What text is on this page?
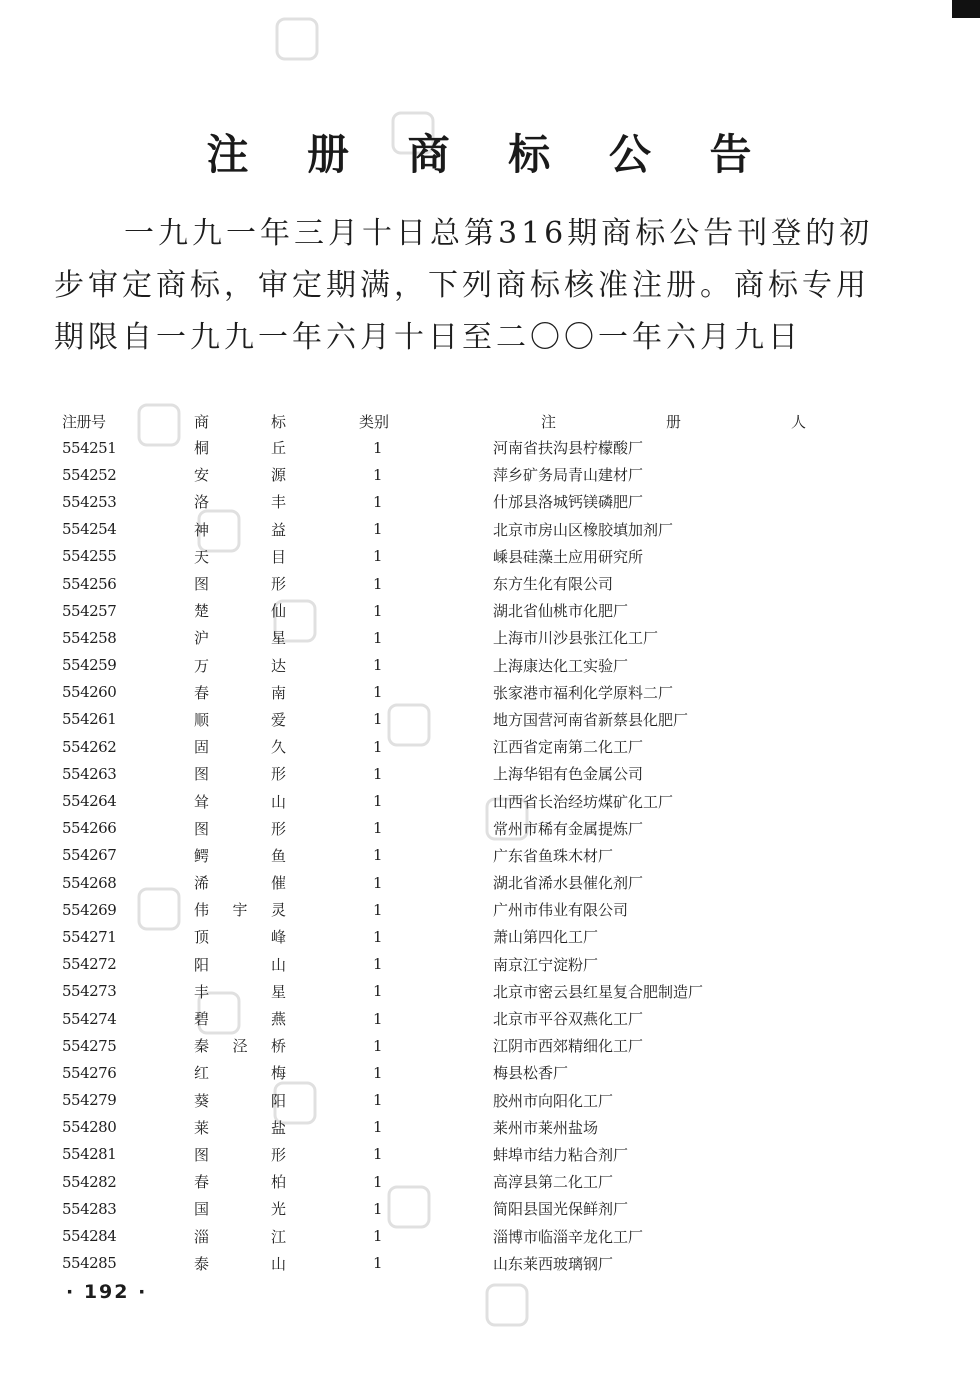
注 册 商 标 公 告
一九九一年三月十日总第316期商标公告刊登的初
步审定商标，审定期满，下列商标核准注册。商标专用
期限自一九九一年六月十日至二〇〇一年六月九日
注册号	商 标	类别	注 册 人

554251	桐 丘	1	河南省扶沟县柠檬酸厂
554252	安 源	1	萍乡矿务局青山建材厂
554253	洛 丰	1	什邡县洛城钙镁磷肥厂
554254	神 益	1	北京市房山区橡胶填加剂厂
554255	天 目	1	嵊县硅藻土应用研究所
554256	图 形	1	东方生化有限公司
554257	楚 仙	1	湖北省仙桃市化肥厂
554258	沪 星	1	上海市川沙县张江化工厂
554259	万 达	1	上海康达化工实验厂
554260	春 南	1	张家港市福利化学原料二厂
554261	顺 爱	1	地方国营河南省新蔡县化肥厂
554262	固 久	1	江西省定南第二化工厂
554263	图 形	1	上海华铝有色金属公司
554264	耸 山	1	山西省长治经坊煤矿化工厂
554266	图 形	1	常州市稀有金属提炼厂
554267	鳄 鱼	1	广东省鱼珠木材厂
554268	浠 催	1	湖北省浠水县催化剂厂
554269	伟 宇 灵	1	广州市伟业有限公司
554271	顶 峰	1	萧山第四化工厂
554272	阳 山	1	南京江宁淀粉厂
554273	丰 星	1	北京市密云县红星复合肥制造厂
554274	碧 燕	1	北京市平谷双燕化工厂
554275	秦 泾 桥	1	江阴市西郊精细化工厂
554276	红 梅	1	梅县松香厂
554279	葵 阳	1	胶州市向阳化工厂
554280	莱 盐	1	莱州市莱州盐场
554281	图 形	1	蚌埠市结力粘合剂厂
554282	春 柏	1	高淳县第二化工厂
554283	国 光	1	简阳县国光保鲜剂厂
554284	淄 江	1	淄博市临淄辛龙化工厂
554285	泰 山	1	山东莱西玻璃钢厂
· 192 ·
